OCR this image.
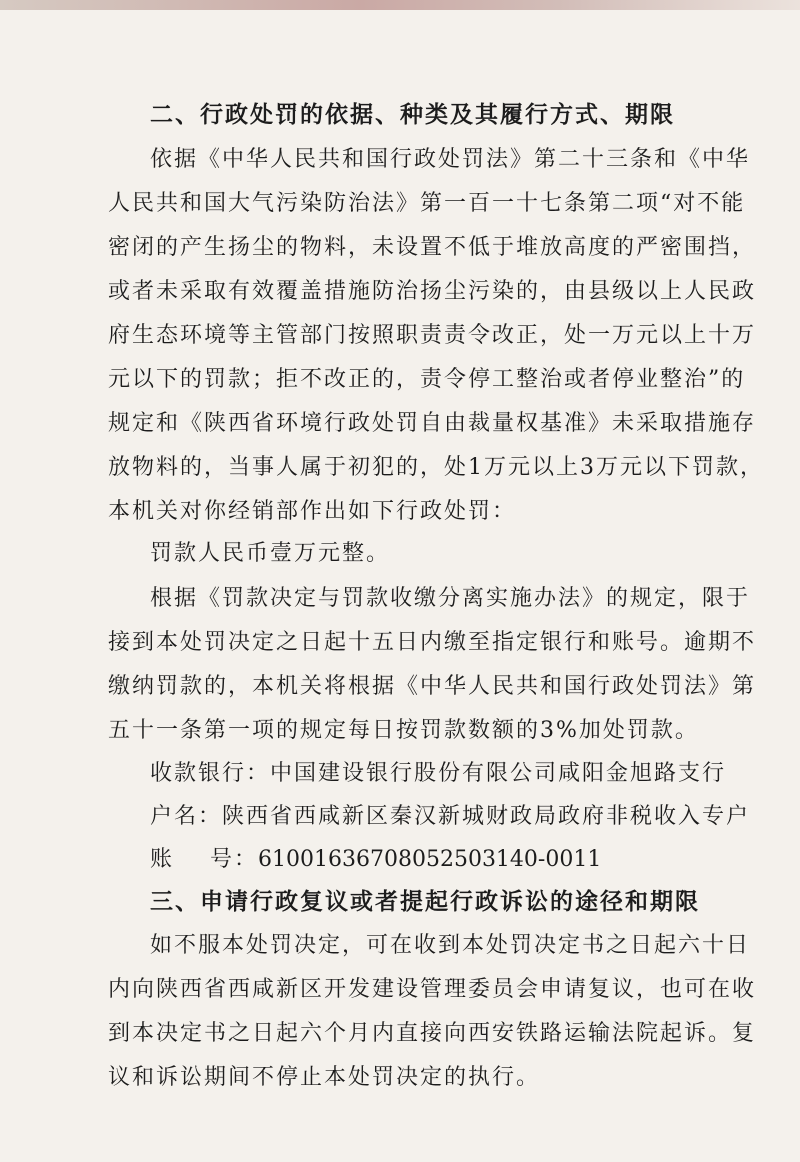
二、行政处罚的依据、种类及其履行方式、期限
依据《中华人民共和国行政处罚法》第二十三条和《中华
人民共和国大气污染防治法》第一百一十七条第二项“对不能
密闭的产生扬尘的物料，未设置不低于堆放高度的严密围挡，
或者未采取有效覆盖措施防治扬尘污染的，由县级以上人民政
府生态环境等主管部门按照职责责令改正，处一万元以上十万
元以下的罚款；拒不改正的，责令停工整治或者停业整治”的
规定和《陕西省环境行政处罚自由裁量权基准》未采取措施存
放物料的，当事人属于初犯的，处1万元以上3万元以下罚款，
本机关对你经销部作出如下行政处罚：
罚款人民币壹万元整。
根据《罚款决定与罚款收缴分离实施办法》的规定，限于
接到本处罚决定之日起十五日内缴至指定银行和账号。逾期不
缴纳罚款的，本机关将根据《中华人民共和国行政处罚法》第
五十一条第一项的规定每日按罚款数额的3%加处罚款。
收款银行：中国建设银行股份有限公司咸阳金旭路支行
户名：陕西省西咸新区秦汉新城财政局政府非税收入专户
账    号：61001636708052503140-0011
三、申请行政复议或者提起行政诉讼的途径和期限
如不服本处罚决定，可在收到本处罚决定书之日起六十日
内向陕西省西咸新区开发建设管理委员会申请复议，也可在收
到本决定书之日起六个月内直接向西安铁路运输法院起诉。复
议和诉讼期间不停止本处罚决定的执行。
